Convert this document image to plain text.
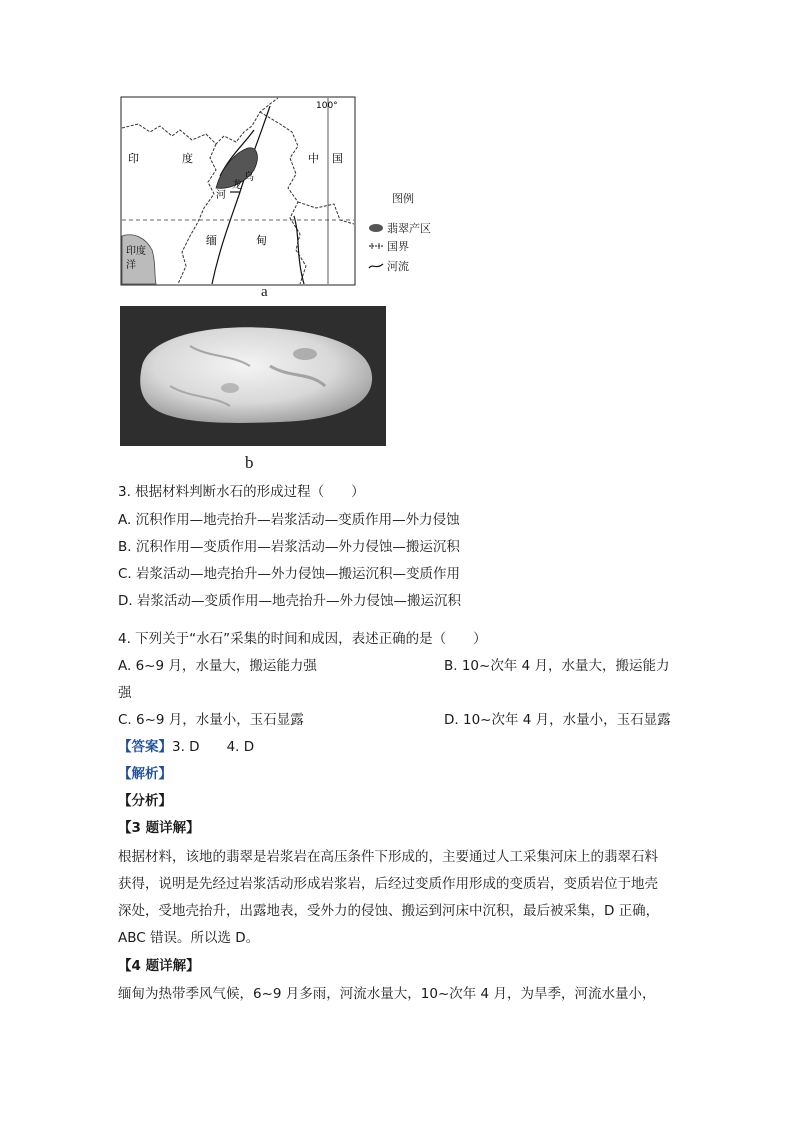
100°
印	度	中 国
缅	甸
乌
龙
河
印 度
洋
图例
翡翠产区
国界
河流
a
b
3. 根据材料判断水石的形成过程（　　）
A. 沉积作用—地壳抬升—岩浆活动—变质作用—外力侵蚀
B. 沉积作用—变质作用—岩浆活动—外力侵蚀—搬运沉积
C. 岩浆活动—地壳抬升—外力侵蚀—搬运沉积—变质作用
D. 岩浆活动—变质作用—地壳抬升—外力侵蚀—搬运沉积
4. 下列关于“水石”采集的时间和成因，表述正确的是（　　）
A. 6~9 月，水量大，搬运能力强	B. 10~次年 4 月，水量大，搬运能力
强
C. 6~9 月，水量小，玉石显露	D. 10~次年 4 月，水量小，玉石显露
【答案】3. D　　4. D
【解析】
【分析】
【3 题详解】
根据材料，该地的翡翠是岩浆岩在高压条件下形成的，主要通过人工采集河床上的翡翠石料获得，说明是先经过岩浆活动形成岩浆岩，后经过变质作用形成的变质岩，变质岩位于地壳深处，受地壳抬升，出露地表，受外力的侵蚀、搬运到河床中沉积，最后被采集，D 正确，ABC 错误。所以选 D。
【4 题详解】
缅甸为热带季风气候，6~9 月多雨，河流水量大，10~次年 4 月，为旱季，河流水量小，
